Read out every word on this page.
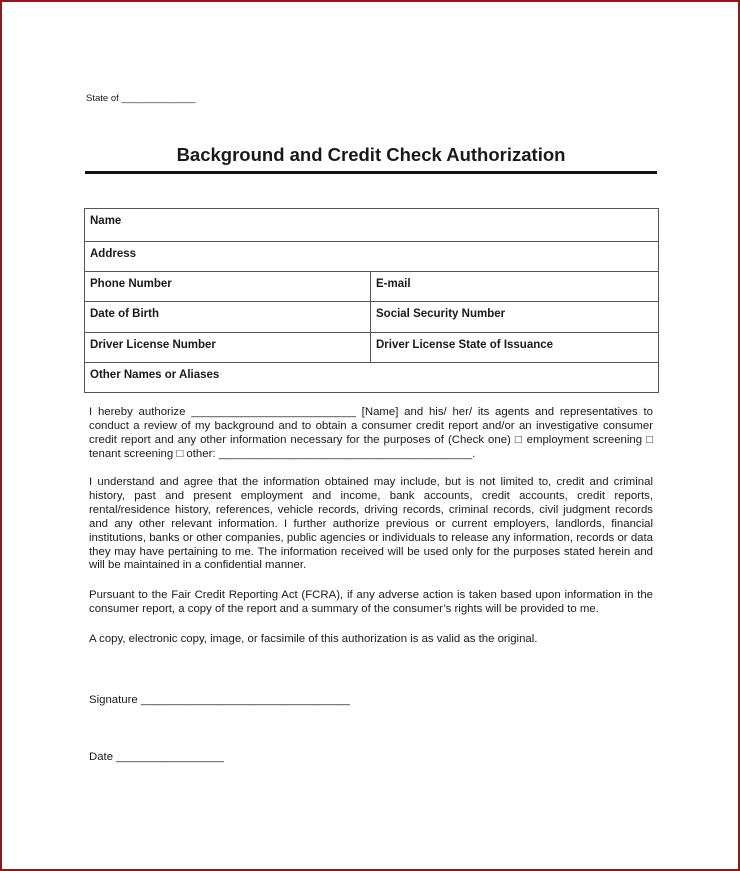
State of ______________
Background and Credit Check Authorization
Name	
Address	
Phone Number	E-mail
Date of Birth	Social Security Number
Driver License Number	Driver License State of Issuance
Other Names or Aliases	

I hereby authorize __________________________ [Name] and his/ her/ its agents and representatives to conduct a review of my background and to obtain a consumer credit report and/or an investigative consumer credit report and any other information necessary for the purposes of (Check one) □ employment screening □ tenant screening □ other: ________________________________________.

I understand and agree that the information obtained may include, but is not limited to, credit and criminal history, past and present employment and income, bank accounts, credit accounts, credit reports, rental/residence history, references, vehicle records, driving records, criminal records, civil judgment records and any other relevant information. I further authorize previous or current employers, landlords, financial institutions, banks or other companies, public agencies or individuals to release any information, records or data they may have pertaining to me. The information received will be used only for the purposes stated herein and will be maintained in a confidential manner.

Pursuant to the Fair Credit Reporting Act (FCRA), if any adverse action is taken based upon information in the consumer report, a copy of the report and a summary of the consumer’s rights will be provided to me.

A copy, electronic copy, image, or facsimile of this authorization is as valid as the original.

Signature _________________________________
Date _________________
